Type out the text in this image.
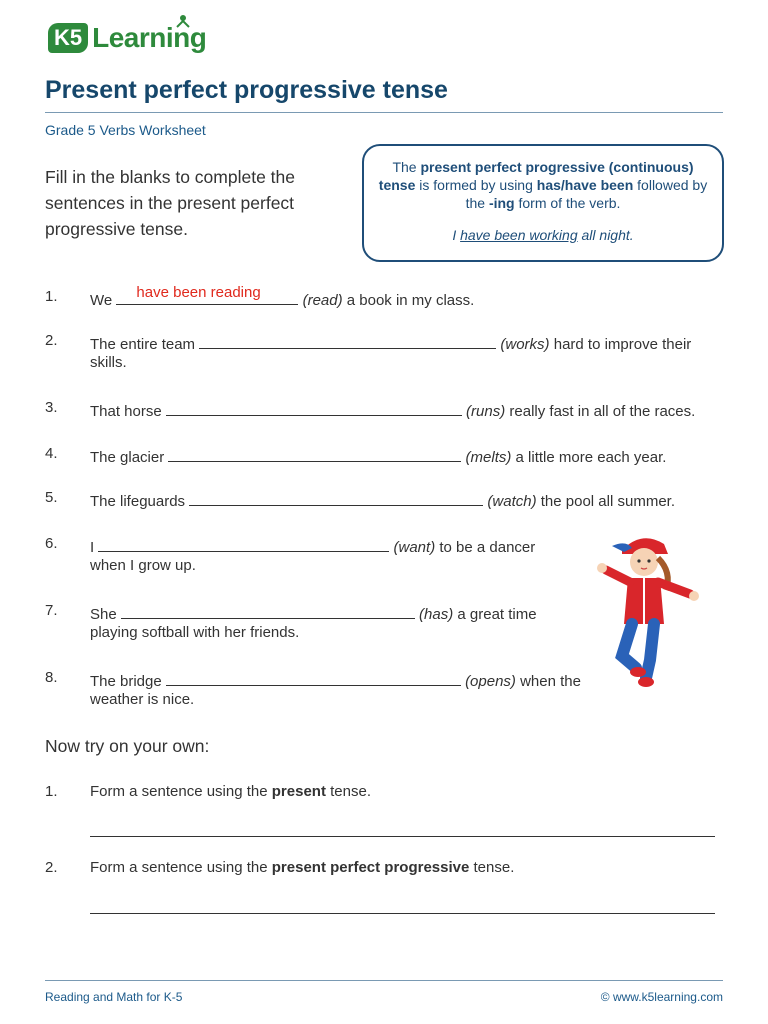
K5 Learning
Present perfect progressive tense
Grade 5 Verbs Worksheet
Fill in the blanks to complete the sentences in the present perfect progressive tense.
The present perfect progressive (continuous) tense is formed by using has/have been followed by the -ing form of the verb.
I have been working all night.
1. We have been reading	(read) a book in my class.
2. The entire team	(works) hard to improve their
skills.
3. That horse	(runs) really fast in all of the races.
4. The glacier	(melts) a little more each year.
5. The lifeguards	(watch) the pool all summer.
6. I	(want) to be a dancer
when I grow up.
7. She	(has) a great time
playing softball with her friends.
8. The bridge	(opens) when the
weather is nice.
Now try on your own:
1. Form a sentence using the present tense.
2. Form a sentence using the present perfect progressive tense.
Reading and Math for K-5	© www.k5learning.com
